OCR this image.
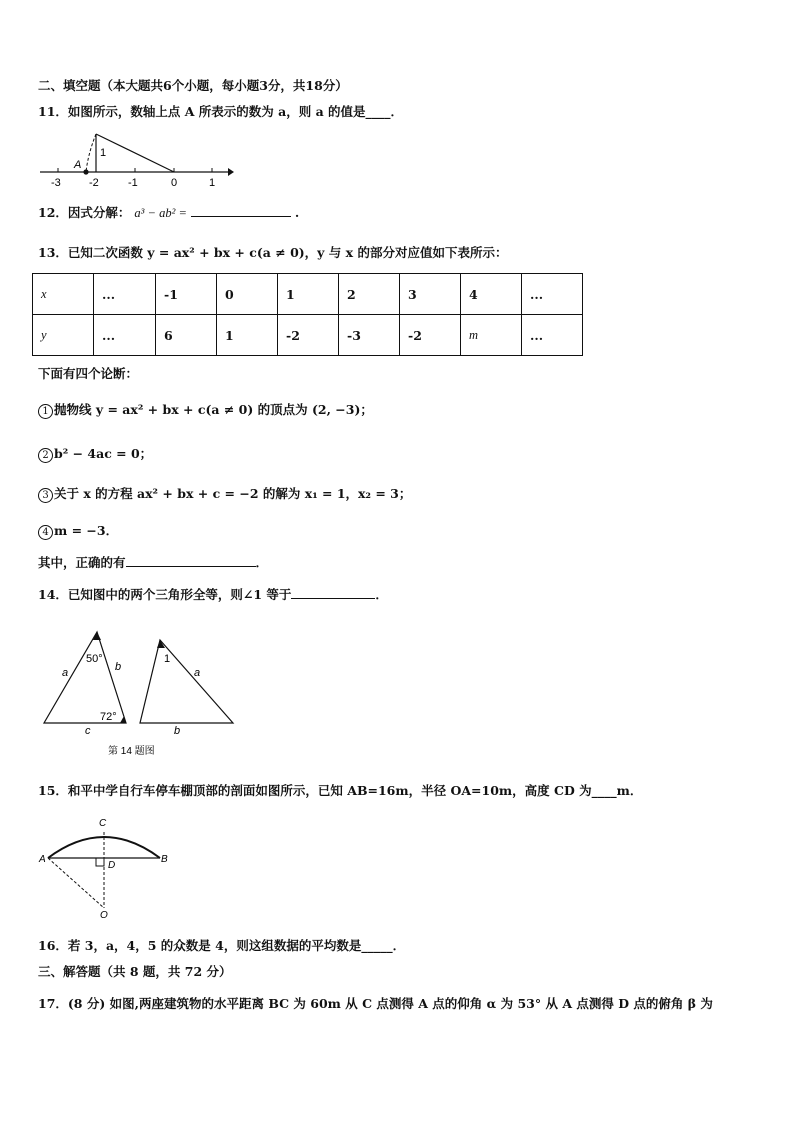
二、填空题（本大题共6个小题，每小题3分，共18分）
11．如图所示，数轴上点 A 所表示的数为 a，则 a 的值是____．
A
1
-3	-2	-1	0	1
12．因式分解： a³ − ab² =	.
13．已知二次函数 y = ax² + bx + c(a ≠ 0)，y 与 x 的部分对应值如下表所示：
x	...	-1	0	1	2	3	4	...
y	...	6	1	-2	-3	-2	m	...
下面有四个论断：
1 抛物线 y = ax² + bx + c(a ≠ 0) 的顶点为 (2, −3)；
2 b² − 4ac = 0；
3 关于 x 的方程 ax² + bx + c = −2 的解为 x₁ = 1，x₂ = 3；
4 m = −3．
其中，正确的有	．
14．已知图中的两个三角形全等，则∠1 等于	．
50°
72°
a	b
c
1
a
b
第 14 题图
15．和平中学自行车停车棚顶部的剖面如图所示，已知 AB=16m，半径 OA=10m，高度 CD 为____m．
A	B
C
D
O
16．若 3，a，4，5 的众数是 4，则这组数据的平均数是_____．
三、解答题（共 8 题，共 72 分）
17．(8 分) 如图,两座建筑物的水平距离 BC 为 60m 从 C 点测得 A 点的仰角 α 为 53° 从 A 点测得 D 点的俯角 β 为
